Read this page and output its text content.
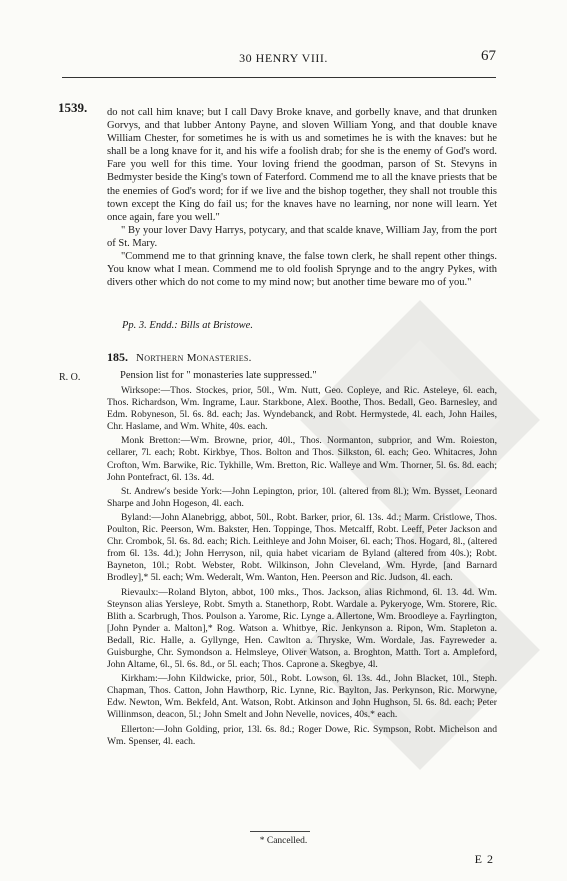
30 HENRY VIII.	67
1539. do not call him knave; but I call Davy Broke knave, and gorbelly knave, and that drunken Gorvys, and that lubber Antony Payne, and sloven William Yong, and that double knave William Chester, for sometimes he is with us and sometimes he is with the knaves: but he shall be a long knave for it, and his wife a foolish drab; for she is the enemy of God's word. Fare you well for this time. Your loving friend the goodman, parson of St. Stevyns in Bedmyster beside the King's town of Faterford. Commend me to all the knave priests that be the enemies of God's word; for if we live and the bishop together, they shall not trouble this town except the King do fail us; for the knaves have no learning, nor none will learn. Yet once again, fare you well."

" By your lover Davy Harrys, potycary, and that scalde knave, William Jay, from the port of St. Mary.

"Commend me to that grinning knave, the false town clerk, he shall repent other things. You know what I mean. Commend me to old foolish Sprynge and to the angry Pykes, with divers other which do not come to my mind now; but another time beware mo of you."

Pp. 3. Endd.: Bills at Bristowe.
185. Northern Monasteries.
R. O.	Pension list for " monasteries late suppressed."

Wirksope:—Thos. Stockes, prior, 50l., Wm. Nutt, Geo. Copleye, and Ric. Asteleye, 6l. each, Thos. Richardson, Wm. Ingrame, Laur. Starkbone, Alex. Boothe, Thos. Bedall, Geo. Barnesley, and Edm. Robyneson, 5l. 6s. 8d. each; Jas. Wyndebanck, and Robt. Hermystede, 4l. each, John Hailes, Chr. Haslame, and Wm. White, 40s. each.

Monk Bretton:—Wm. Browne, prior, 40l., Thos. Normanton, subprior, and Wm. Roieston, cellarer, 7l. each; Robt. Kirkbye, Thos. Bolton and Thos. Silkston, 6l. each; Geo. Whitacres, John Crofton, Wm. Barwike, Ric. Tykhille, Wm. Bretton, Ric. Walleye and Wm. Thorner, 5l. 6s. 8d. each; John Pontefract, 6l. 13s. 4d.

St. Andrew's beside York:—John Lepington, prior, 10l. (altered from 8l.); Wm. Bysset, Leonard Sharpe and John Hogeson, 4l. each.

Byland:—John Alanebrigg, abbot, 50l., Robt. Barker, prior, 6l. 13s. 4d.; Marm. Cristlowe, Thos. Poulton, Ric. Peerson, Wm. Bakster, Hen. Toppinge, Thos. Metcalff, Robt. Leeff, Peter Jackson and Chr. Crombok, 5l. 6s. 8d. each; Rich. Leithleye and John Moiser, 6l. each; Thos. Hogard, 8l., (altered from 6l. 13s. 4d.); John Herryson, nil, quia habet vicariam de Byland (altered from 40s.); Robt. Bayneton, 10l.; Robt. Webster, Robt. Wilkinson, John Cleveland, Wm. Hyrde, [and Barnard Brodley],* 5l. each; Wm. Wederalt, Wm. Wanton, Hen. Peerson and Ric. Judson, 4l. each.

Rievaulx:—Roland Blyton, abbot, 100 mks., Thos. Jackson, alias Richmond, 6l. 13. 4d. Wm. Steynson alias Yersleye, Robt. Smyth a. Stanethorp, Robt. Wardale a. Pykeryoge, Wm. Storere, Ric. Blith a. Scarbrugh, Thos. Poulson a. Yarome, Ric. Lynge a. Allertone, Wm. Broodleye a. Fayrlington, [John Pynder a. Malton],* Rog. Watson a. Whitbye, Ric. Jenkynson a. Ripon, Wm. Stapleton a. Bedall, Ric. Halle, a. Gyllynge, Hen. Cawlton a. Thryske, Wm. Wordale, Jas. Fayreweder a. Guisburghe, Chr. Symondson a. Helmsleye, Oliver Watson, a. Broghton, Matth. Tort a. Ampleford, John Altame, 6l., 5l. 6s. 8d., or 5l. each; Thos. Caprone a. Skegbye, 4l.

Kirkham:—John Kildwicke, prior, 50l., Robt. Lowson, 6l. 13s. 4d., John Blacket, 10l., Steph. Chapman, Thos. Catton, John Hawthorp, Ric. Lynne, Ric. Baylton, Jas. Perkynson, Ric. Morwyne, Edw. Newton, Wm. Bekfeld, Ant. Watson, Robt. Atkinson and John Hughson, 5l. 6s. 8d. each; Peter Willinmson, deacon, 5l.; John Smelt and John Nevelle, novices, 40s.* each.

Ellerton:—John Golding, prior, 13l. 6s. 8d.; Roger Dowe, Ric. Sympson, Robt. Michelson and Wm. Spenser, 4l. each.

* Cancelled.
E 2
